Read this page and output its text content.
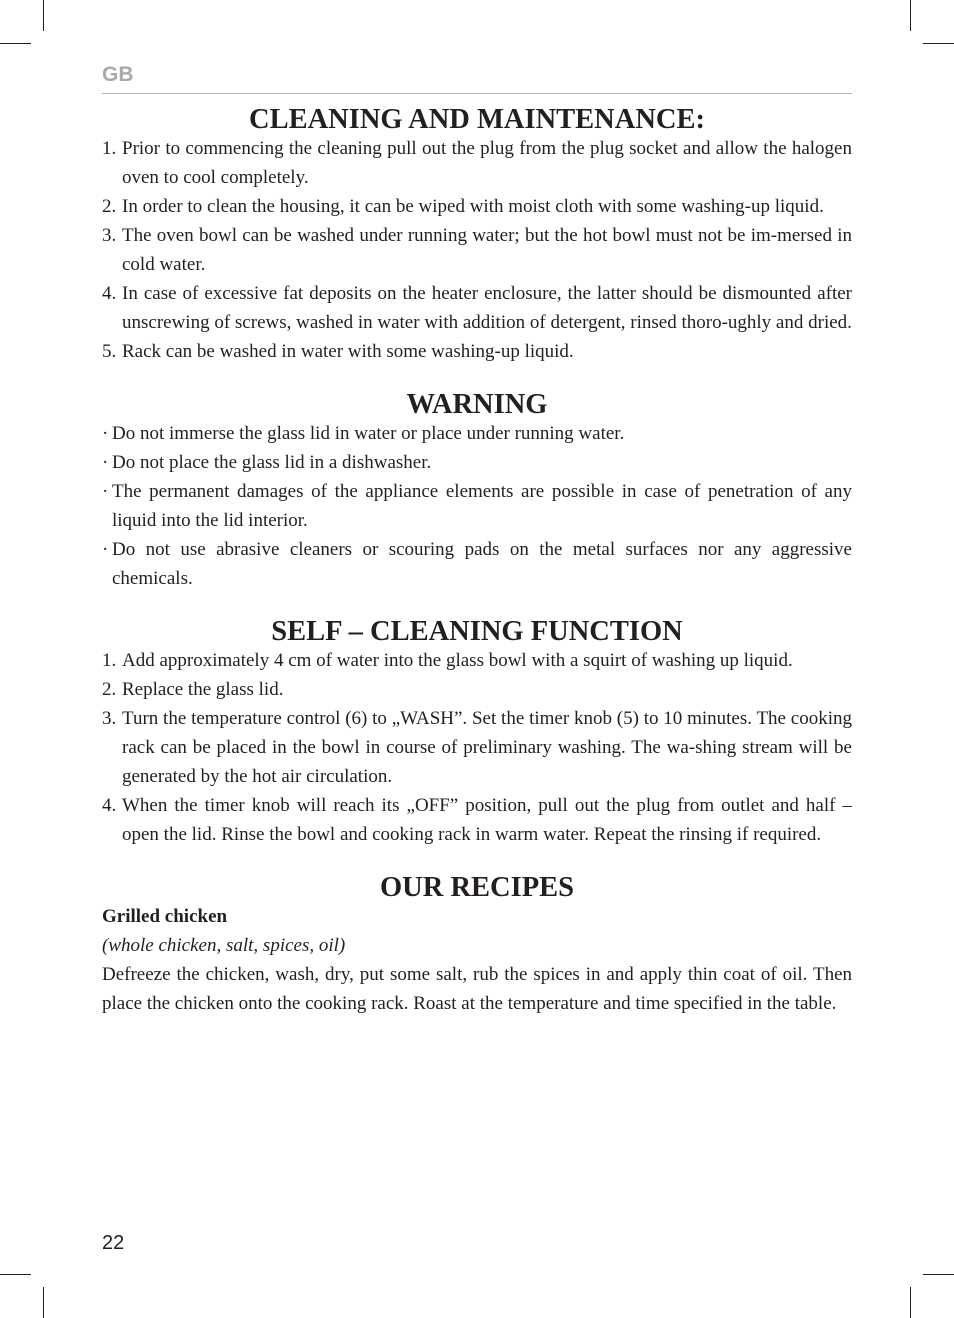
GB
CLEANING AND MAINTENANCE:
1. Prior to commencing the cleaning pull out the plug from the plug socket and allow the halogen oven to cool completely.
2. In order to clean the housing, it can be wiped with moist cloth with some washing-up liquid.
3. The oven bowl can be washed under running water; but the hot bowl must not be im-mersed in cold water.
4. In case of excessive fat deposits on the heater enclosure, the latter should be dismounted after unscrewing of screws, washed in water with addition of detergent, rinsed thoro-ughly and dried.
5. Rack can be washed in water with some washing-up liquid.
WARNING
· Do not immerse the glass lid in water or place under running water.
· Do not place the glass lid in a dishwasher.
· The permanent damages of the appliance elements are possible in case of penetration of any liquid into the lid interior.
· Do not use abrasive cleaners or scouring pads on the metal surfaces nor any aggressive chemicals.
SELF – CLEANING FUNCTION
1. Add approximately 4 cm of water into the glass bowl with a squirt of washing up liquid.
2. Replace the glass lid.
3. Turn the temperature control (6) to „WASH”. Set the timer knob (5) to 10 minutes. The cooking rack can be placed in the bowl in course of preliminary washing. The wa-shing stream will be generated by the hot air circulation.
4. When the timer knob will reach its „OFF” position, pull out the plug from outlet and half – open the lid. Rinse the bowl and cooking rack in warm water. Repeat the rinsing if required.
OUR RECIPES
Grilled chicken
(whole chicken, salt, spices, oil)
Defreeze the chicken, wash, dry, put some salt, rub the spices in and apply thin coat of oil. Then place the chicken onto the cooking rack. Roast at the temperature and time specified in the table.
22
